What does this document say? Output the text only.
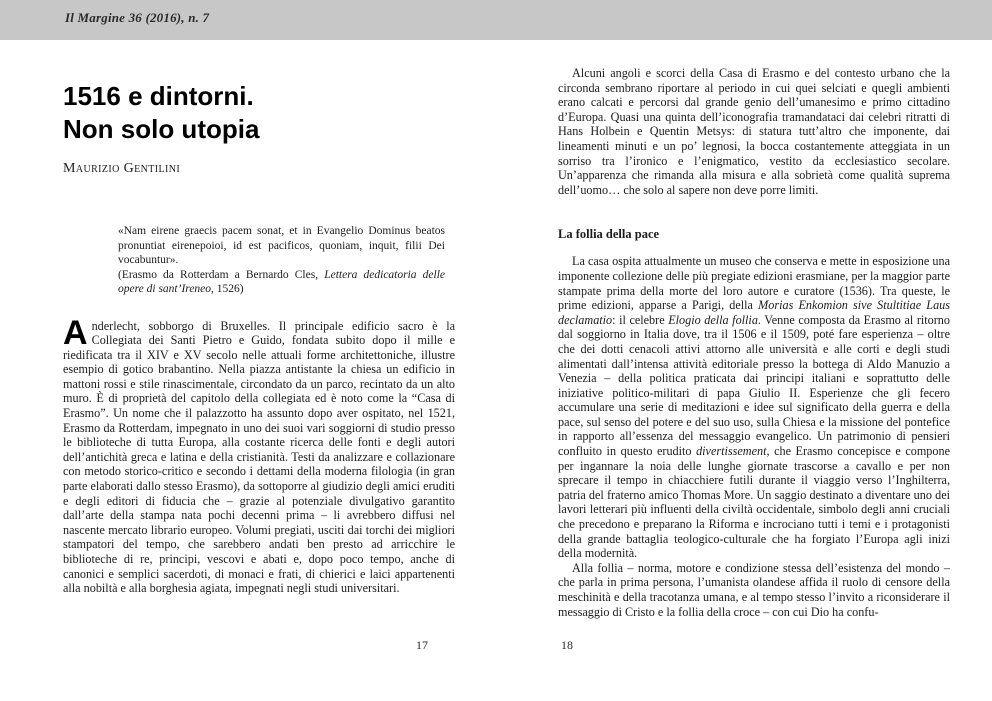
Il Margine 36 (2016), n. 7
1516 e dintorni.
Non solo utopia
Maurizio Gentilini
«Nam eirene graecis pacem sonat, et in Evangelio Dominus beatos pronuntiat eirenepoioi, id est pacificos, quoniam, inquit, filii Dei vocabuntur».
(Erasmo da Rotterdam a Bernardo Cles, Lettera dedicatoria delle opere di sant’Ireneo, 1526)

Anderlecht, sobborgo di Bruxelles. Il principale edificio sacro è la Collegiata dei Santi Pietro e Guido, fondata subito dopo il mille e riedificata tra il XIV e XV secolo nelle attuali forme architettoniche, illustre esempio di gotico brabantino. Nella piazza antistante la chiesa un edificio in mattoni rossi e stile rinascimentale, circondato da un parco, recintato da un alto muro. È di proprietà del capitolo della collegiata ed è noto come la “Casa di Erasmo”. Un nome che il palazzotto ha assunto dopo aver ospitato, nel 1521, Erasmo da Rotterdam, impegnato in uno dei suoi vari soggiorni di studio presso le biblioteche di tutta Europa, alla costante ricerca delle fonti e degli autori dell’antichità greca e latina e della cristianità. Testi da analizzare e collazionare con metodo storico-critico e secondo i dettami della moderna filologia (in gran parte elaborati dallo stesso Erasmo), da sottoporre al giudizio degli amici eruditi e degli editori di fiducia che – grazie al potenziale divulgativo garantito dall’arte della stampa nata pochi decenni prima – li avrebbero diffusi nel nascente mercato librario europeo. Volumi pregiati, usciti dai torchi dei migliori stampatori del tempo, che sarebbero andati ben presto ad arricchire le biblioteche di re, principi, vescovi e abati e, dopo poco tempo, anche di canonici e semplici sacerdoti, di monaci e frati, di chierici e laici appartenenti alla nobiltà e alla borghesia agiata, impegnati negli studi universitari.

Alcuni angoli e scorci della Casa di Erasmo e del contesto urbano che la circonda sembrano riportare al periodo in cui quei selciati e quegli ambienti erano calcati e percorsi dal grande genio dell’umanesimo e primo cittadino d’Europa. Quasi una quinta dell’iconografia tramandataci dai celebri ritratti di Hans Holbein e Quentin Metsys: di statura tutt’altro che imponente, dai lineamenti minuti e un po’ legnosi, la bocca costantemente atteggiata in un sorriso tra l’ironico e l’enigmatico, vestito da ecclesiastico secolare. Un’apparenza che rimanda alla misura e alla sobrietà come qualità suprema dell’uomo… che solo al sapere non deve porre limiti.

La follia della pace

La casa ospita attualmente un museo che conserva e mette in esposizione una imponente collezione delle più pregiate edizioni erasmiane, per la maggior parte stampate prima della morte del loro autore e curatore (1536). Tra queste, le prime edizioni, apparse a Parigi, della Morias Enkomion sive Stultitiae Laus declamatio: il celebre Elogio della follia. Venne composta da Erasmo al ritorno dal soggiorno in Italia dove, tra il 1506 e il 1509, poté fare esperienza – oltre che dei dotti cenacoli attivi attorno alle università e alle corti e degli studi alimentati dall’intensa attività editoriale presso la bottega di Aldo Manuzio a Venezia – della politica praticata dai principi italiani e soprattutto delle iniziative politico-militari di papa Giulio II. Esperienze che gli fecero accumulare una serie di meditazioni e idee sul significato della guerra e della pace, sul senso del potere e del suo uso, sulla Chiesa e la missione del pontefice in rapporto all’essenza del messaggio evangelico. Un patrimonio di pensieri confluito in questo erudito divertissement, che Erasmo concepisce e compone per ingannare la noia delle lunghe giornate trascorse a cavallo e per non sprecare il tempo in chiacchiere futili durante il viaggio verso l’Inghilterra, patria del fraterno amico Thomas More. Un saggio destinato a diventare uno dei lavori letterari più influenti della civiltà occidentale, simbolo degli anni cruciali che precedono e preparano la Riforma e incrociano tutti i temi e i protagonisti della grande battaglia teologico-culturale che ha forgiato l’Europa agli inizi della modernità.

Alla follia – norma, motore e condizione stessa dell’esistenza del mondo – che parla in prima persona, l’umanista olandese affida il ruolo di censore della meschinità e della tracotanza umana, e al tempo stesso l’invito a riconsiderare il messaggio di Cristo e la follia della croce – con cui Dio ha confu-

17	18
